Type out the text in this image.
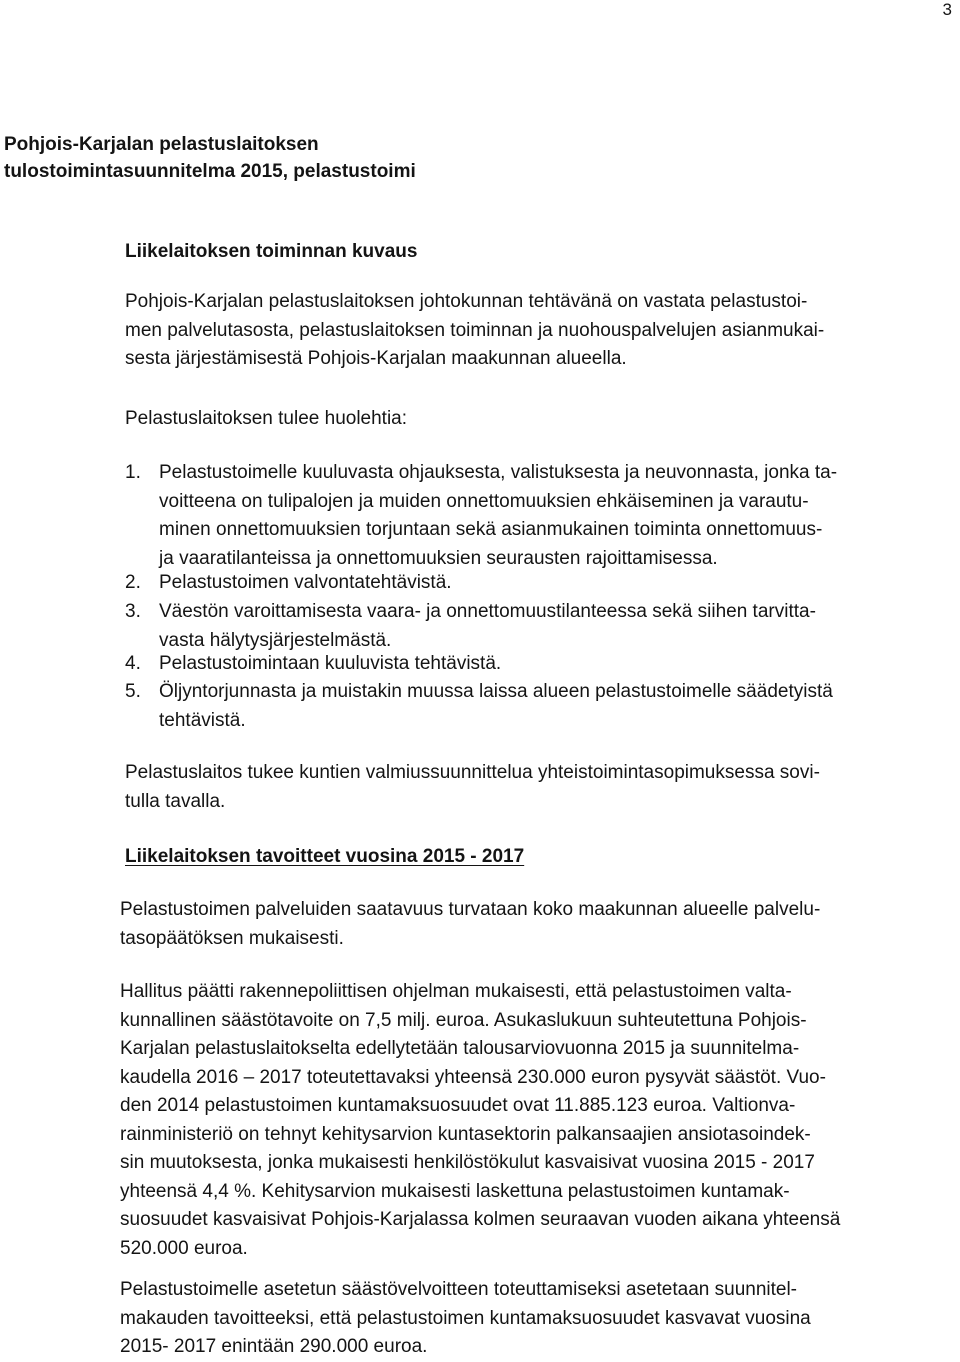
3
Pohjois-Karjalan pelastuslaitoksen
tulostoimintasuunnitelma 2015, pelastustoimi
Liikelaitoksen toiminnan kuvaus
Pohjois-Karjalan pelastuslaitoksen johtokunnan tehtävänä on vastata pelastustoi-
men palvelutasosta, pelastuslaitoksen toiminnan ja nuohouspalvelujen asianmukai-
sesta järjestämisestä Pohjois-Karjalan maakunnan alueella.
Pelastuslaitoksen tulee huolehtia:
1. Pelastustoimelle kuuluvasta ohjauksesta, valistuksesta ja neuvonnasta, jonka ta-
voitteena on tulipalojen ja muiden onnettomuuksien ehkäiseminen ja varautu-
minen onnettomuuksien torjuntaan sekä asianmukainen toiminta onnettomuus-
ja vaaratilanteissa ja onnettomuuksien seurausten rajoittamisessa.
2. Pelastustoimen valvontatehtävistä.
3. Väestön varoittamisesta vaara- ja onnettomuustilanteessa sekä siihen tarvitta-
vasta hälytysjärjestelmästä.
4. Pelastustoimintaan kuuluvista tehtävistä.
5. Öljyntorjunnasta ja muistakin muussa laissa alueen pelastustoimelle säädetyistä
tehtävistä.
Pelastuslaitos tukee kuntien valmiussuunnittelua yhteistoimintasopimuksessa sovi-
tulla tavalla.
Liikelaitoksen tavoitteet vuosina 2015 - 2017
Pelastustoimen palveluiden saatavuus turvataan koko maakunnan alueelle palvelu-
tasopäätöksen mukaisesti.
Hallitus päätti rakennepoliittisen ohjelman mukaisesti, että pelastustoimen valta-
kunnallinen säästötavoite on 7,5 milj. euroa. Asukaslukuun suhteutettuna Pohjois-
Karjalan pelastuslaitokselta edellytetään talousarviovuonna 2015 ja suunnitelma-
kaudella 2016 – 2017 toteutettavaksi yhteensä 230.000 euron pysyvät säästöt. Vuo-
den 2014 pelastustoimen kuntamaksuosuudet ovat 11.885.123 euroa. Valtionva-
rainministeriö on tehnyt kehitysarvion kuntasektorin palkansaajien ansiotasoindek-
sin muutoksesta, jonka mukaisesti henkilöstökulut kasvaisivat vuosina 2015 - 2017
yhteensä 4,4 %. Kehitysarvion mukaisesti laskettuna pelastustoimen kuntamak-
suosuudet kasvaisivat Pohjois-Karjalassa kolmen seuraavan vuoden aikana yhteensä
520.000 euroa.
Pelastustoimelle asetetun säästövelvoitteen toteuttamiseksi asetetaan suunnitel-
makauden tavoitteeksi, että pelastustoimen kuntamaksuosuudet kasvavat vuosina
2015- 2017 enintään 290.000 euroa.
